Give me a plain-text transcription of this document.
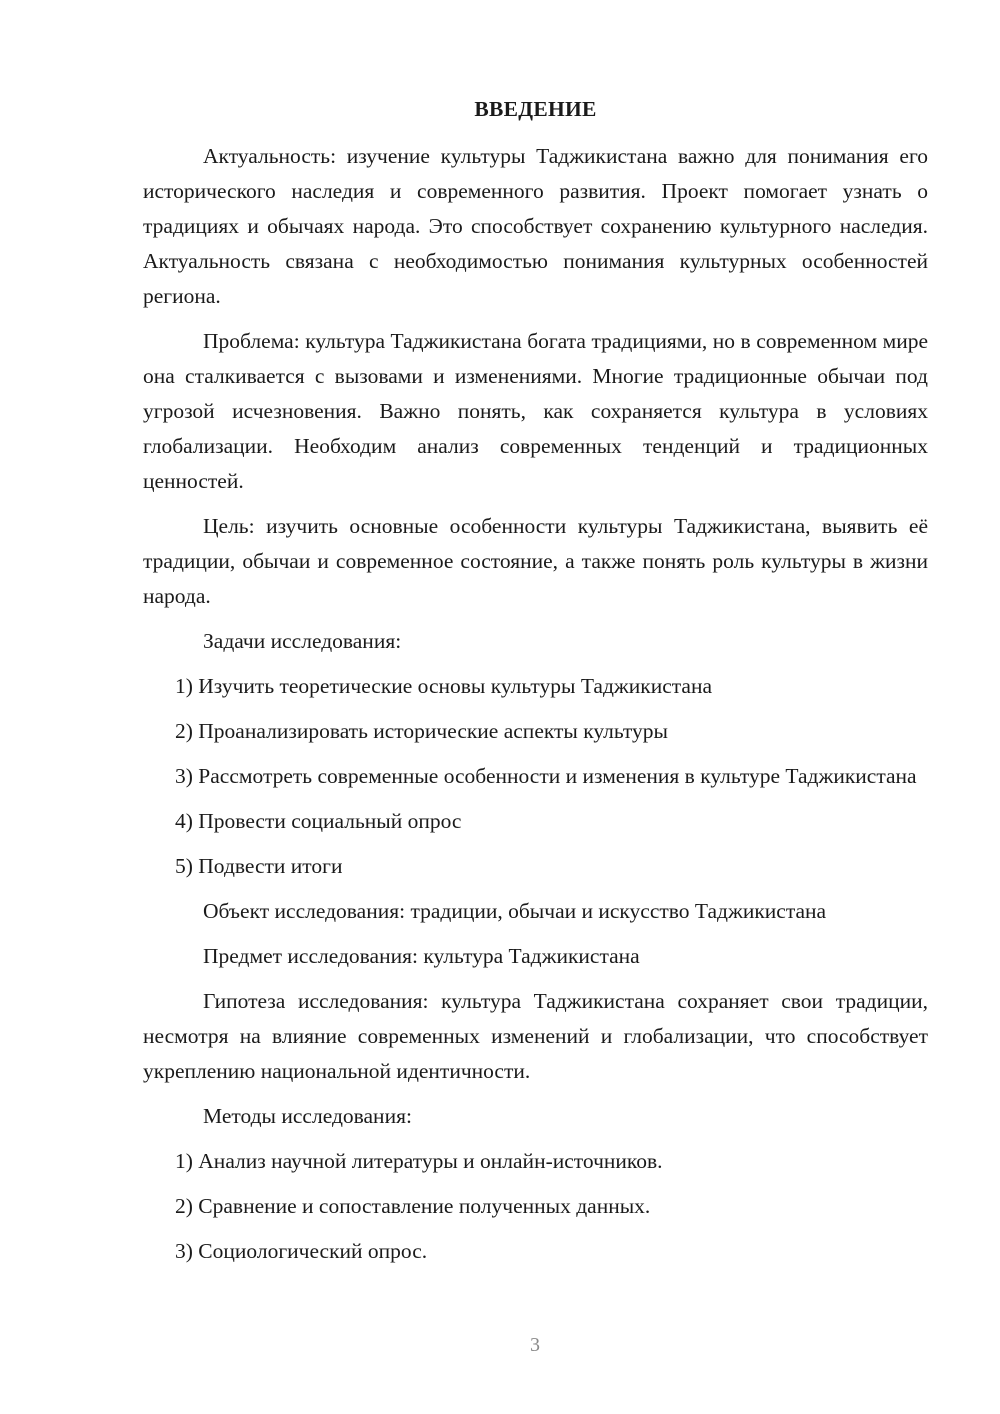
ВВЕДЕНИЕ

Актуальность: изучение культуры Таджикистана важно для понимания его исторического наследия и современного развития. Проект помогает узнать о традициях и обычаях народа. Это способствует сохранению культурного наследия. Актуальность связана с необходимостью понимания культурных особенностей региона.

Проблема: культура Таджикистана богата традициями, но в современном мире она сталкивается с вызовами и изменениями. Многие традиционные обычаи под угрозой исчезновения. Важно понять, как сохраняется культура в условиях глобализации. Необходим анализ современных тенденций и традиционных ценностей.

Цель: изучить основные особенности культуры Таджикистана, выявить её традиции, обычаи и современное состояние, а также понять роль культуры в жизни народа.

Задачи исследования:

1) Изучить теоретические основы культуры Таджикистана

2) Проанализировать исторические аспекты культуры

3) Рассмотреть современные особенности и изменения в культуре Таджикистана

4) Провести социальный опрос

5) Подвести итоги

Объект исследования: традиции, обычаи и искусство Таджикистана

Предмет исследования: культура Таджикистана

Гипотеза исследования: культура Таджикистана сохраняет свои традиции, несмотря на влияние современных изменений и глобализации, что способствует укреплению национальной идентичности.

Методы исследования:

1) Анализ научной литературы и онлайн-источников.

2) Сравнение и сопоставление полученных данных.

3) Социологический опрос.

3
